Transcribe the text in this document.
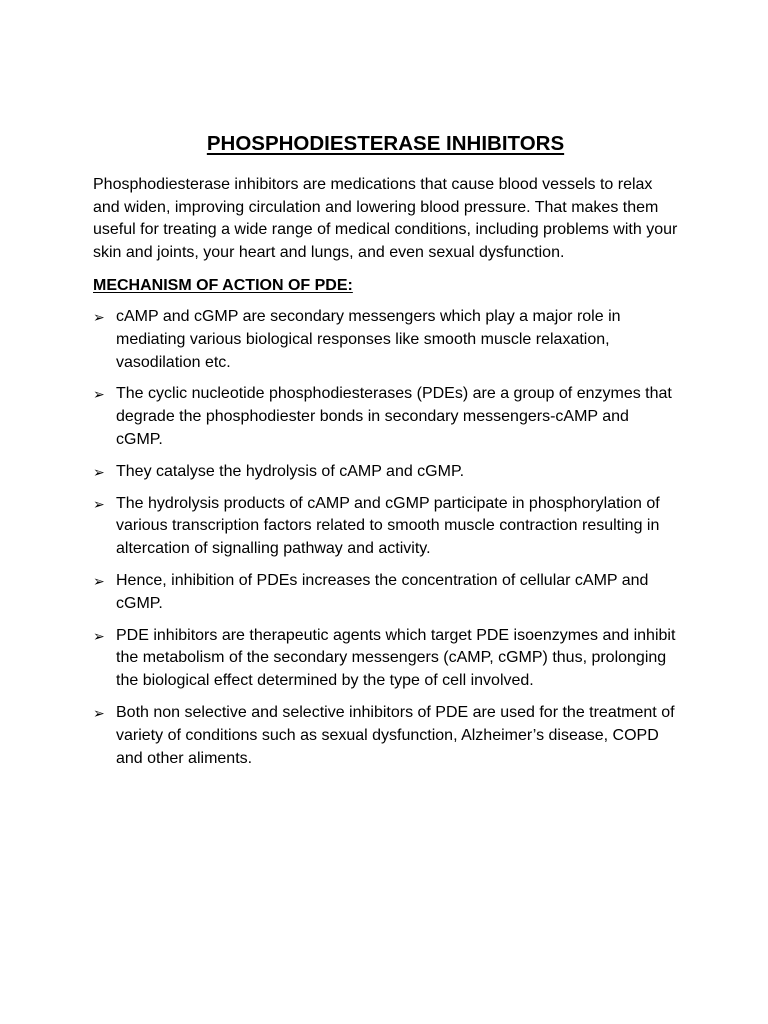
PHOSPHODIESTERASE INHIBITORS

Phosphodiesterase inhibitors are medications that cause blood vessels to relax and widen, improving circulation and lowering blood pressure. That makes them useful for treating a wide range of medical conditions, including problems with your skin and joints, your heart and lungs, and even sexual dysfunction.

MECHANISM OF ACTION OF PDE:
➢ cAMP and cGMP are secondary messengers which play a major role in mediating various biological responses like smooth muscle relaxation, vasodilation etc.
➢ The cyclic nucleotide phosphodiesterases (PDEs) are a group of enzymes that degrade the phosphodiester bonds in secondary messengers-cAMP and cGMP.
➢ They catalyse the hydrolysis of cAMP and cGMP.
➢ The hydrolysis products of cAMP and cGMP participate in phosphorylation of various transcription factors related to smooth muscle contraction resulting in altercation of signalling pathway and activity.
➢ Hence, inhibition of PDEs increases the concentration of cellular cAMP and cGMP.
➢ PDE inhibitors are therapeutic agents which target PDE isoenzymes and inhibit the metabolism of the secondary messengers (cAMP, cGMP) thus, prolonging the biological effect determined by the type of cell involved.
➢ Both non selective and selective inhibitors of PDE are used for the treatment of variety of conditions such as sexual dysfunction, Alzheimer’s disease, COPD and other aliments.
